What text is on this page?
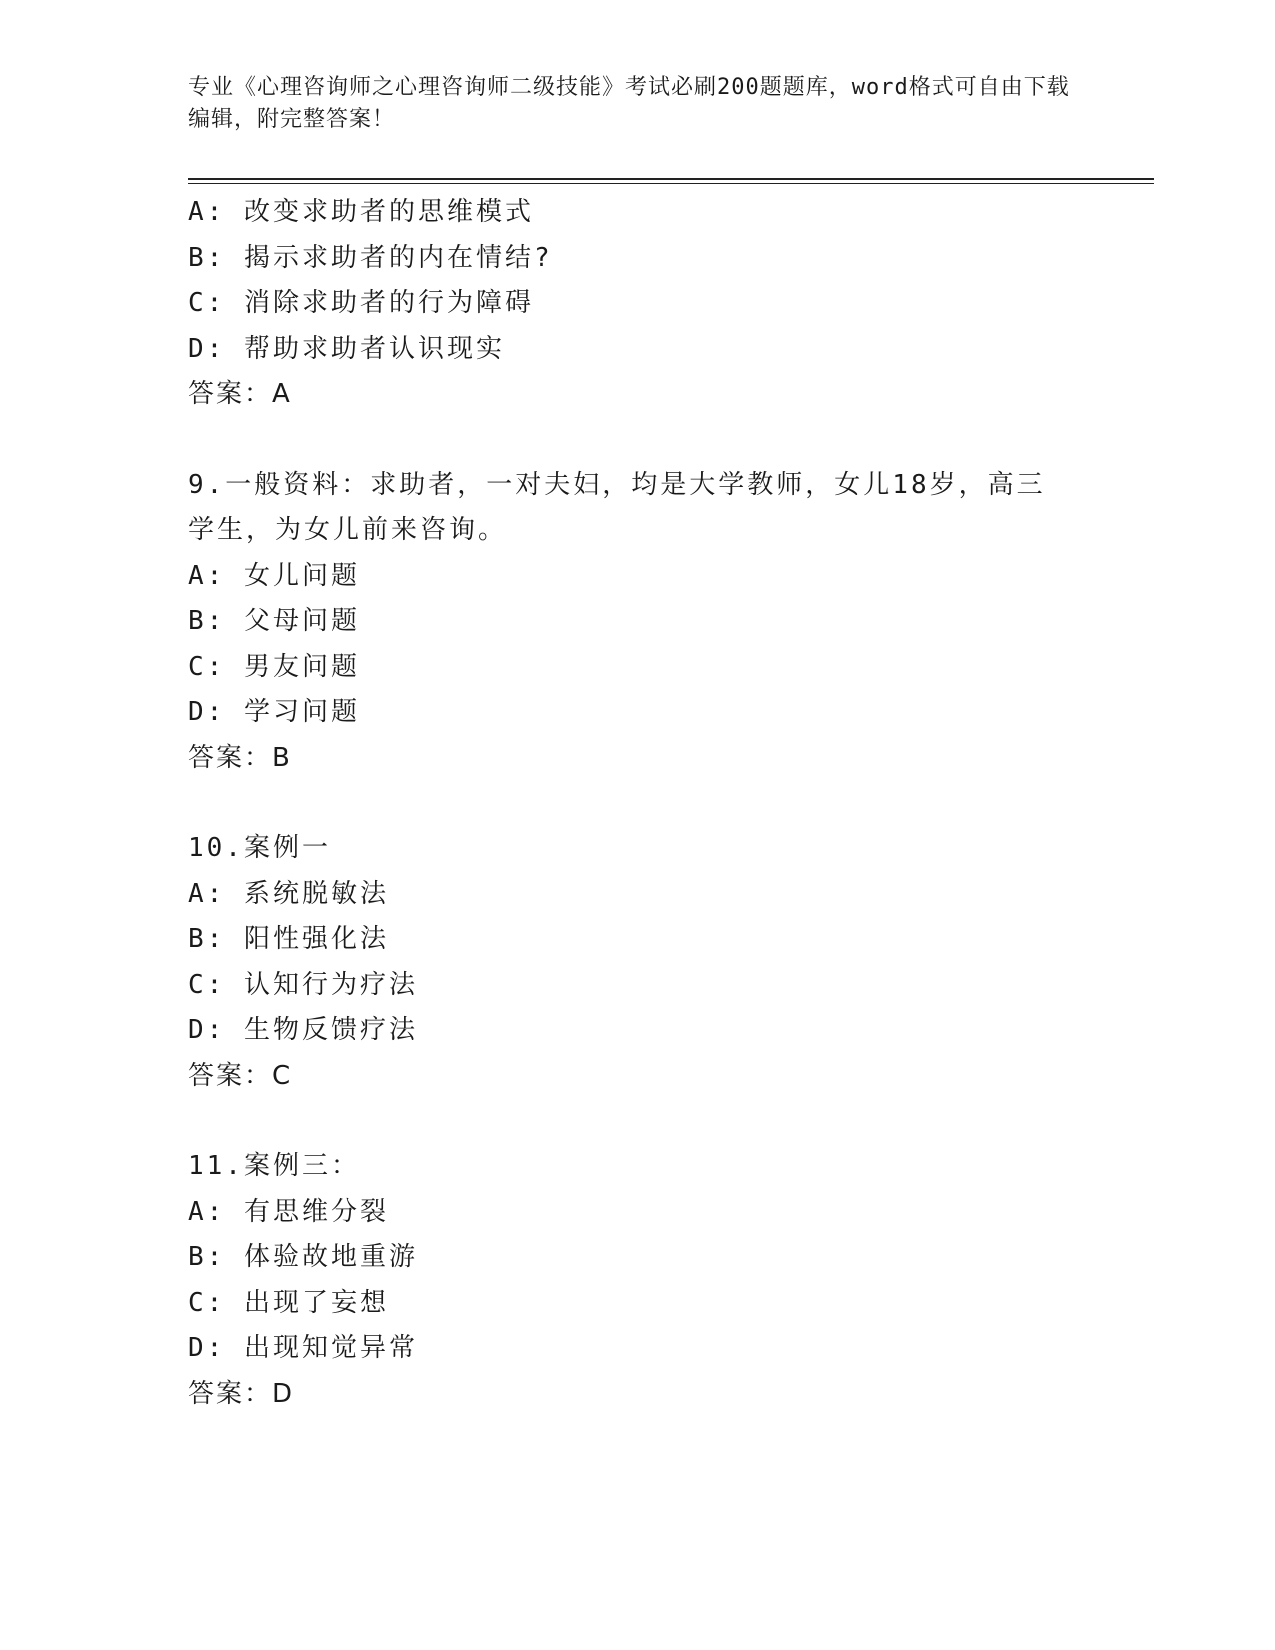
专业《心理咨询师之心理咨询师二级技能》考试必刷200题题库，word格式可自由下载编辑，附完整答案！
A: 改变求助者的思维模式
B: 揭示求助者的内在情结?
C: 消除求助者的行为障碍
D: 帮助求助者认识现实
答案：A
9.一般资料：求助者，一对夫妇，均是大学教师，女儿18岁，高三学生，为女儿前来咨询。
A: 女儿问题
B: 父母问题
C: 男友问题
D: 学习问题
答案：B
10.案例一
A: 系统脱敏法
B: 阳性强化法
C: 认知行为疗法
D: 生物反馈疗法
答案：C
11.案例三：
A: 有思维分裂
B: 体验故地重游
C: 出现了妄想
D: 出现知觉异常
答案：D
